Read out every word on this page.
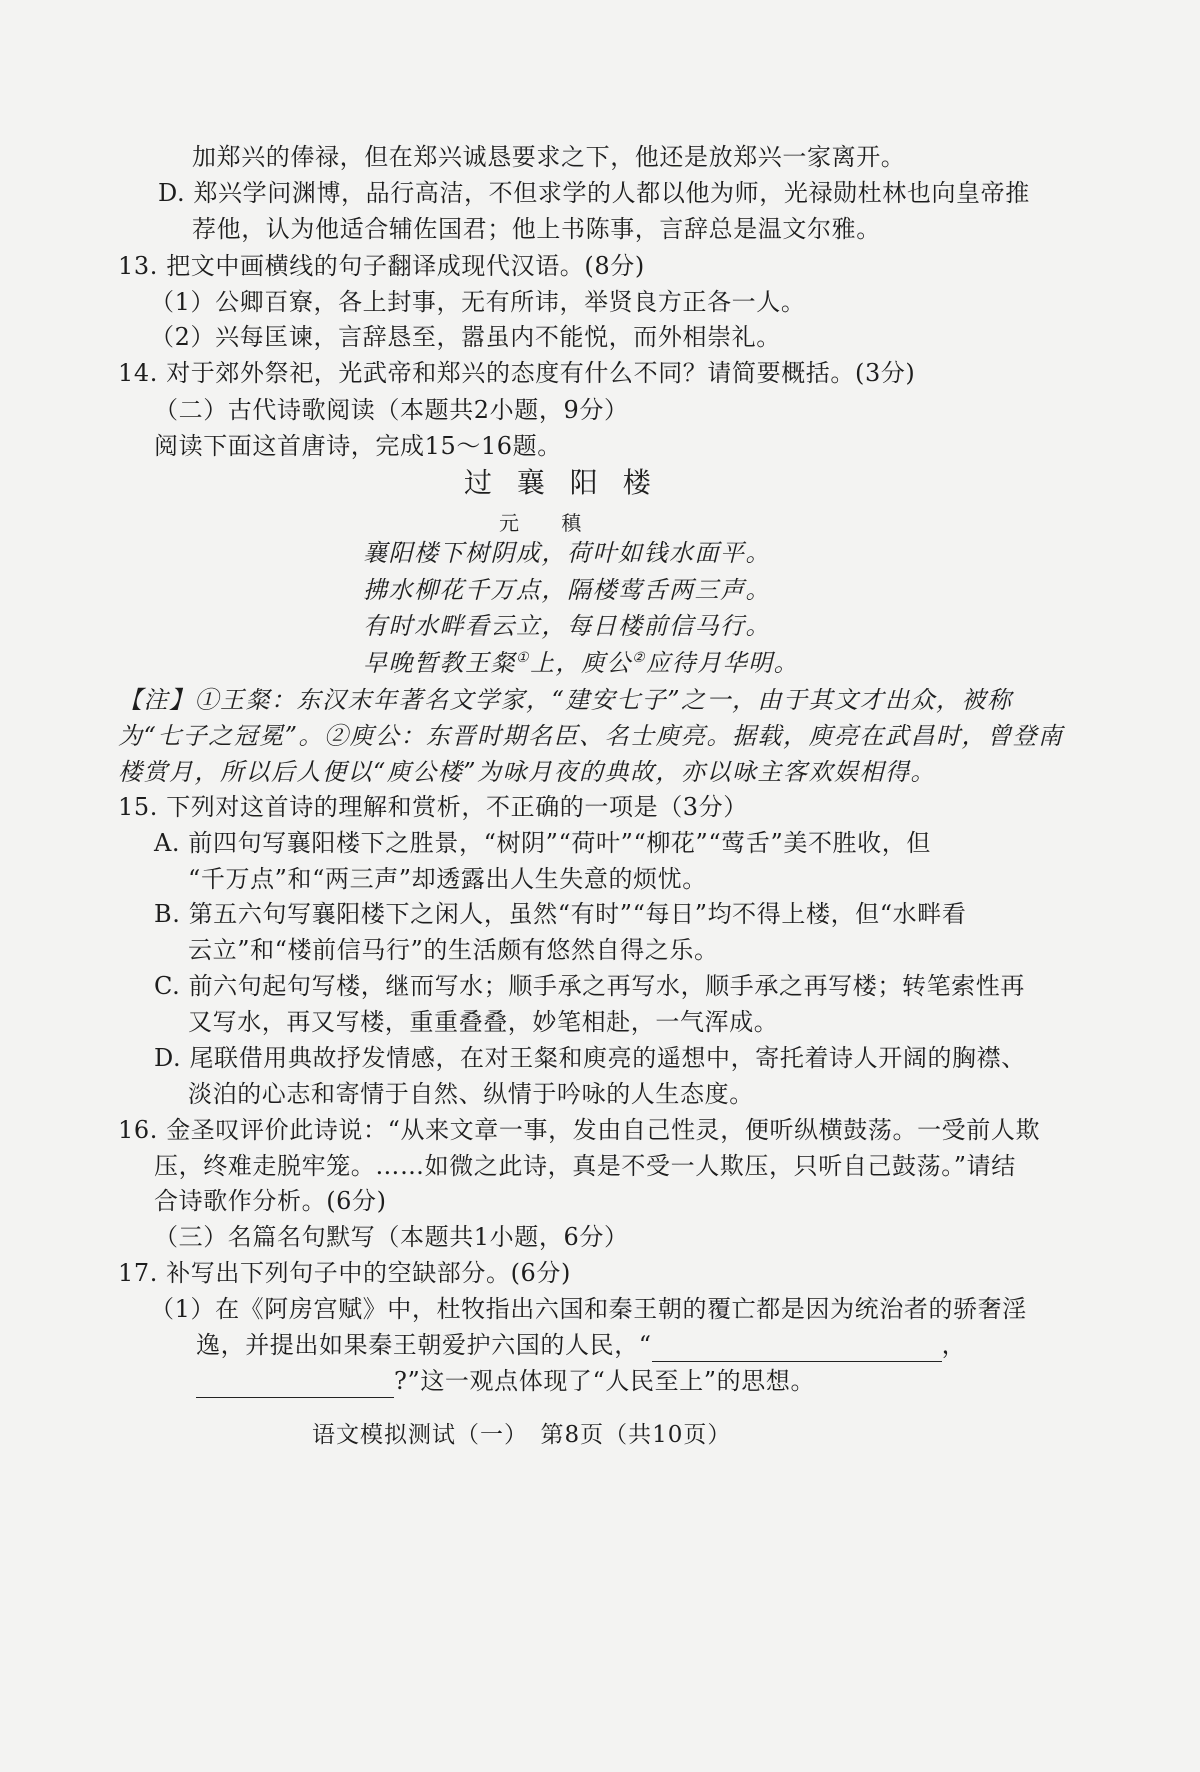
加郑兴的俸禄，但在郑兴诚恳要求之下，他还是放郑兴一家离开。
D. 郑兴学问渊博，品行高洁，不但求学的人都以他为师，光禄勋杜林也向皇帝推
荐他，认为他适合辅佐国君；他上书陈事，言辞总是温文尔雅。
13. 把文中画横线的句子翻译成现代汉语。(8分)
（1）公卿百寮，各上封事，无有所讳，举贤良方正各一人。
（2）兴每匡谏，言辞恳至，嚣虽内不能悦，而外相崇礼。
14. 对于郊外祭祀，光武帝和郑兴的态度有什么不同？请简要概括。(3分)
（二）古代诗歌阅读（本题共2小题，9分）
阅读下面这首唐诗，完成15～16题。
过 襄 阳 楼
元 稹
襄阳楼下树阴成，荷叶如钱水面平。
拂水柳花千万点，隔楼莺舌两三声。
有时水畔看云立，每日楼前信马行。
早晚暂教王粲①上，庾公②应待月华明。
【注】①王粲：东汉末年著名文学家，“建安七子”之一，由于其文才出众，被称
为“七子之冠冕”。②庾公：东晋时期名臣、名士庾亮。据载，庾亮在武昌时，曾登南
楼赏月，所以后人便以“庾公楼”为咏月夜的典故，亦以咏主客欢娱相得。
15. 下列对这首诗的理解和赏析，不正确的一项是（3分）
A. 前四句写襄阳楼下之胜景，“树阴”“荷叶”“柳花”“莺舌”美不胜收，但
“千万点”和“两三声”却透露出人生失意的烦忧。
B. 第五六句写襄阳楼下之闲人，虽然“有时”“每日”均不得上楼，但“水畔看
云立”和“楼前信马行”的生活颇有悠然自得之乐。
C. 前六句起句写楼，继而写水；顺手承之再写水，顺手承之再写楼；转笔索性再
又写水，再又写楼，重重叠叠，妙笔相赴，一气浑成。
D. 尾联借用典故抒发情感，在对王粲和庾亮的遥想中，寄托着诗人开阔的胸襟、
淡泊的心志和寄情于自然、纵情于吟咏的人生态度。
16. 金圣叹评价此诗说：“从来文章一事，发由自己性灵，便听纵横鼓荡。一受前人欺
压，终难走脱牢笼。……如微之此诗，真是不受一人欺压，只听自己鼓荡。”请结
合诗歌作分析。(6分)
（三）名篇名句默写（本题共1小题，6分）
17. 补写出下列句子中的空缺部分。(6分)
（1）在《阿房宫赋》中，杜牧指出六国和秦王朝的覆亡都是因为统治者的骄奢淫
逸，并提出如果秦王朝爱护六国的人民，“	，
?”这一观点体现了“人民至上”的思想。
语文模拟测试（一）　第8页（共10页）
